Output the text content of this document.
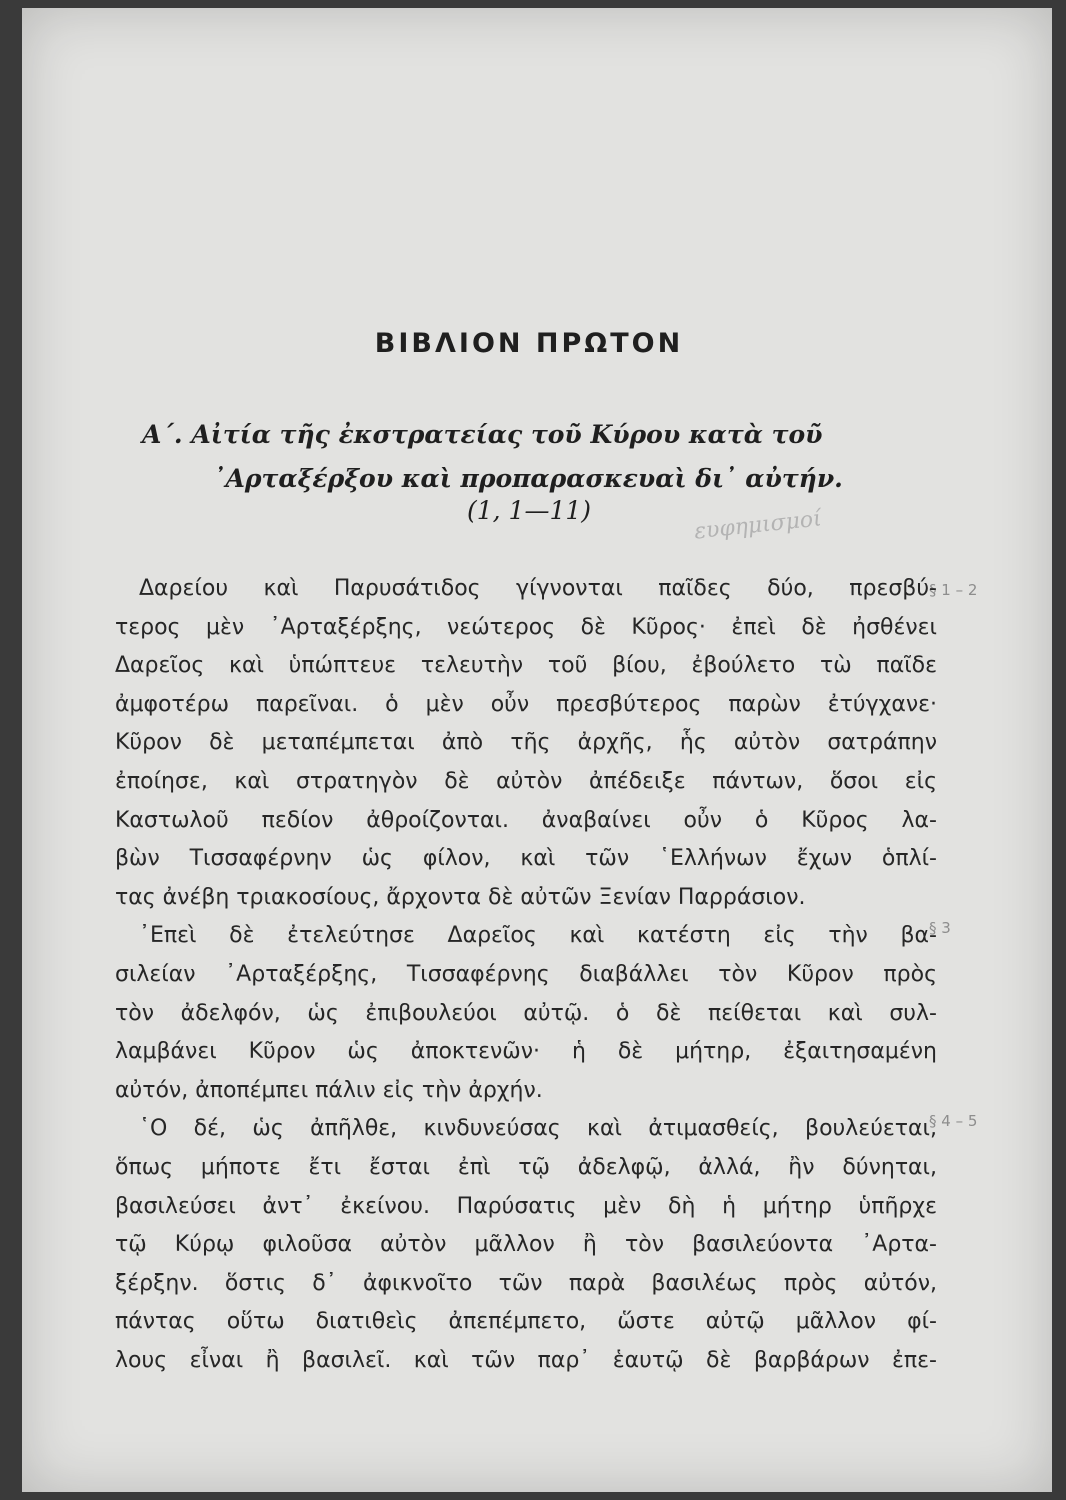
ΒΙΒΛΙΟΝ ΠΡΩΤΟΝ
Α΄. Αἰτία τῆς ἐκστρατείας τοῦ Κύρου κατὰ τοῦ
᾿Αρταξέρξου καὶ προπαρασκευαὶ δι᾿ αὐτήν.
(1, 1—11)	ευφημισμοί
§ 1 – 2
§ 3
§ 4 – 5
Δαρείου καὶ Παρυσάτιδος γίγνονται παῖδες δύο, πρεσβύ-
τερος μὲν ᾿Αρταξέρξης, νεώτερος δὲ Κῦρος· ἐπεὶ δὲ ἠσθένει
Δαρεῖος καὶ ὑπώπτευε τελευτὴν τοῦ βίου, ἐβούλετο τὼ παῖδε
ἀμφοτέρω παρεῖναι. ὁ μὲν οὖν πρεσβύτερος παρὼν ἐτύγχανε·
Κῦρον δὲ μεταπέμπεται ἀπὸ τῆς ἀρχῆς, ἧς αὐτὸν σατράπην
ἐποίησε, καὶ στρατηγὸν δὲ αὐτὸν ἀπέδειξε πάντων, ὅσοι εἰς
Καστωλοῦ πεδίον ἀθροίζονται. ἀναβαίνει οὖν ὁ Κῦρος λα-
βὼν Τισσαφέρνην ὡς φίλον, καὶ τῶν ῾Ελλήνων ἔχων ὁπλί-
τας ἀνέβη τριακοσίους, ἄρχοντα δὲ αὐτῶν Ξενίαν Παρράσιον.
᾿Επεὶ δὲ ἐτελεύτησε Δαρεῖος καὶ κατέστη εἰς τὴν βα-
σιλείαν ᾿Αρταξέρξης, Τισσαφέρνης διαβάλλει τὸν Κῦρον πρὸς
τὸν ἀδελφόν, ὡς ἐπιβουλεύοι αὐτῷ. ὁ δὲ πείθεται καὶ συλ-
λαμβάνει Κῦρον ὡς ἀποκτενῶν· ἡ δὲ μήτηρ, ἐξαιτησαμένη
αὐτόν, ἀποπέμπει πάλιν εἰς τὴν ἀρχήν.
῾Ο δέ, ὡς ἀπῆλθε, κινδυνεύσας καὶ ἀτιμασθείς, βουλεύεται,
ὅπως μήποτε ἔτι ἔσται ἐπὶ τῷ ἀδελφῷ, ἀλλά, ἢν δύνηται,
βασιλεύσει ἀντ᾿ ἐκείνου. Παρύσατις μὲν δὴ ἡ μήτηρ ὑπῆρχε
τῷ Κύρῳ φιλοῦσα αὐτὸν μᾶλλον ἢ τὸν βασιλεύοντα ᾿Αρτα-
ξέρξην. ὅστις δ᾿ ἀφικνοῖτο τῶν παρὰ βασιλέως πρὸς αὐτόν,
πάντας οὕτω διατιθεὶς ἀπεπέμπετο, ὥστε αὐτῷ μᾶλλον φί-
λους εἶναι ἢ βασιλεῖ. καὶ τῶν παρ᾿ ἑαυτῷ δὲ βαρβάρων ἐπε-
